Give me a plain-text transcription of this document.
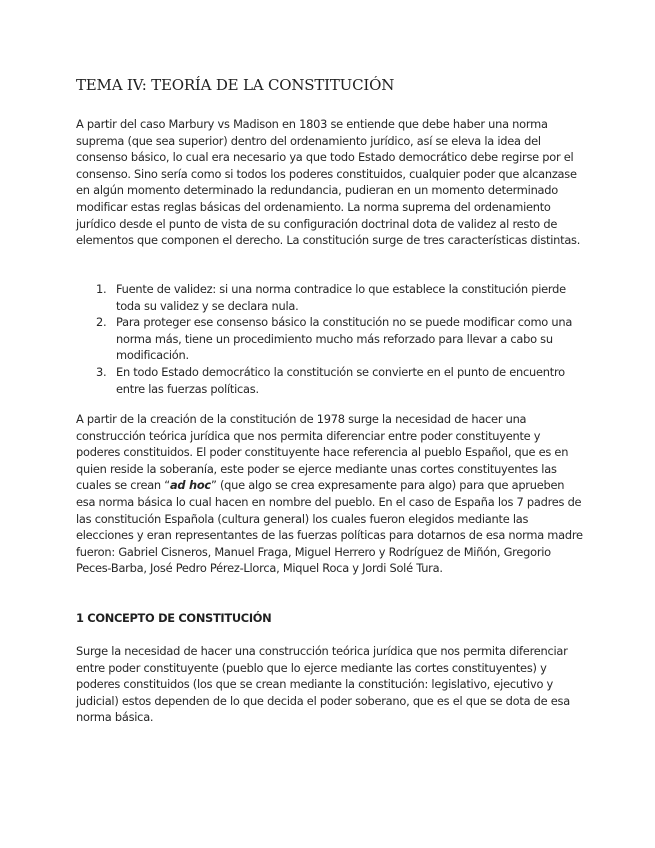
TEMA IV: TEORÍA DE LA CONSTITUCIÓN

A partir del caso Marbury vs Madison en 1803 se entiende que debe haber una norma suprema (que sea superior) dentro del ordenamiento jurídico, así se eleva la idea del consenso básico, lo cual era necesario ya que todo Estado democrático debe regirse por el consenso. Sino sería como si todos los poderes constituidos, cualquier poder que alcanzase en algún momento determinado la redundancia, pudieran en un momento determinado modificar estas reglas básicas del ordenamiento. La norma suprema del ordenamiento jurídico desde el punto de vista de su configuración doctrinal dota de validez al resto de elementos que componen el derecho. La constitución surge de tres características distintas.

1. Fuente de validez: si una norma contradice lo que establece la constitución pierde toda su validez y se declara nula.
2. Para proteger ese consenso básico la constitución no se puede modificar como una norma más, tiene un procedimiento mucho más reforzado para llevar a cabo su modificación.
3. En todo Estado democrático la constitución se convierte en el punto de encuentro entre las fuerzas políticas.

A partir de la creación de la constitución de 1978 surge la necesidad de hacer una construcción teórica jurídica que nos permita diferenciar entre poder constituyente y poderes constituidos. El poder constituyente hace referencia al pueblo Español, que es en quien reside la soberanía, este poder se ejerce mediante unas cortes constituyentes las cuales se crean “ad hoc” (que algo se crea expresamente para algo) para que aprueben esa norma básica lo cual hacen en nombre del pueblo. En el caso de España los 7 padres de las constitución Española (cultura general) los cuales fueron elegidos mediante las elecciones y eran representantes de las fuerzas políticas para dotarnos de esa norma madre fueron: Gabriel Cisneros, Manuel Fraga, Miguel Herrero y Rodríguez de Miñón, Gregorio Peces-Barba, José Pedro Pérez-Llorca, Miquel Roca y Jordi Solé Tura.

1 CONCEPTO DE CONSTITUCIÓN

Surge la necesidad de hacer una construcción teórica jurídica que nos permita diferenciar entre poder constituyente (pueblo que lo ejerce mediante las cortes constituyentes) y poderes constituidos (los que se crean mediante la constitución: legislativo, ejecutivo y judicial) estos dependen de lo que decida el poder soberano, que es el que se dota de esa norma básica.
